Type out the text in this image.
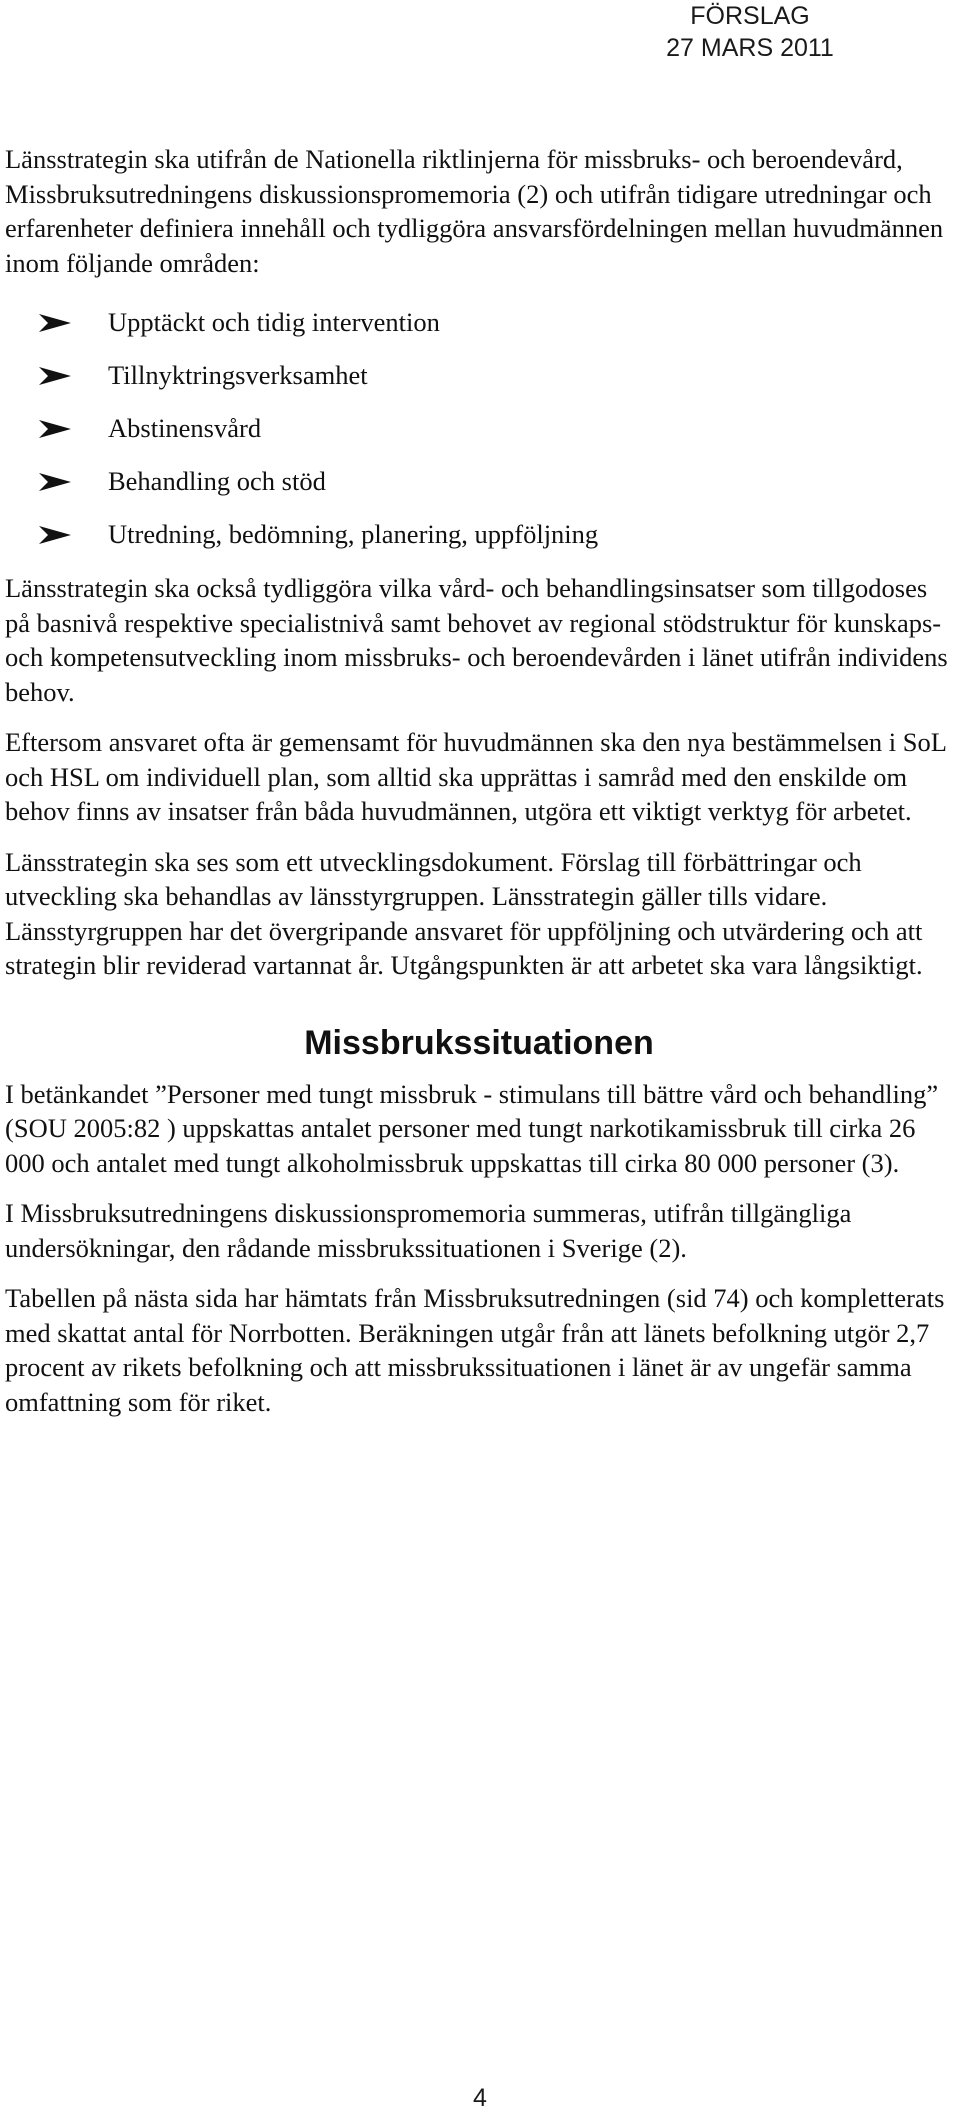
FÖRSLAG
27 MARS 2011

Länsstrategin ska utifrån de Nationella riktlinjerna för missbruks- och beroendevård, Missbruksutredningens diskussionspromemoria (2) och utifrån tidigare utredningar och erfarenheter definiera innehåll och tydliggöra ansvarsfördelningen mellan huvudmännen inom följande områden:

Upptäckt och tidig intervention
Tillnyktringsverksamhet
Abstinensvård
Behandling och stöd
Utredning, bedömning, planering, uppföljning

Länsstrategin ska också tydliggöra vilka vård- och behandlingsinsatser som tillgodoses på basnivå respektive specialistnivå samt behovet av regional stödstruktur för kunskaps- och kompetensutveckling inom missbruks- och beroendevården i länet utifrån individens behov.

Eftersom ansvaret ofta är gemensamt för huvudmännen ska den nya bestämmelsen i SoL och HSL om individuell plan, som alltid ska upprättas i samråd med den enskilde om behov finns av insatser från båda huvudmännen, utgöra ett viktigt verktyg för arbetet.

Länsstrategin ska ses som ett utvecklingsdokument. Förslag till förbättringar och utveckling ska behandlas av länsstyrgruppen. Länsstrategin gäller tills vidare. Länsstyrgruppen har det övergripande ansvaret för uppföljning och utvärdering och att strategin blir reviderad vartannat år. Utgångspunkten är att arbetet ska vara långsiktigt.

Missbrukssituationen

I betänkandet ”Personer med tungt missbruk - stimulans till bättre vård och behandling” (SOU 2005:82 ) uppskattas antalet personer med tungt narkotikamissbruk till cirka 26 000 och antalet med tungt alkoholmissbruk uppskattas till cirka 80 000 personer (3).

I Missbruksutredningens diskussionspromemoria summeras, utifrån tillgängliga undersökningar, den rådande missbrukssituationen i Sverige (2).

Tabellen på nästa sida har hämtats från Missbruksutredningen (sid 74) och kompletterats med skattat antal för Norrbotten. Beräkningen utgår från att länets befolkning utgör 2,7 procent av rikets befolkning och att missbrukssituationen i länet är av ungefär samma omfattning som för riket.

4
